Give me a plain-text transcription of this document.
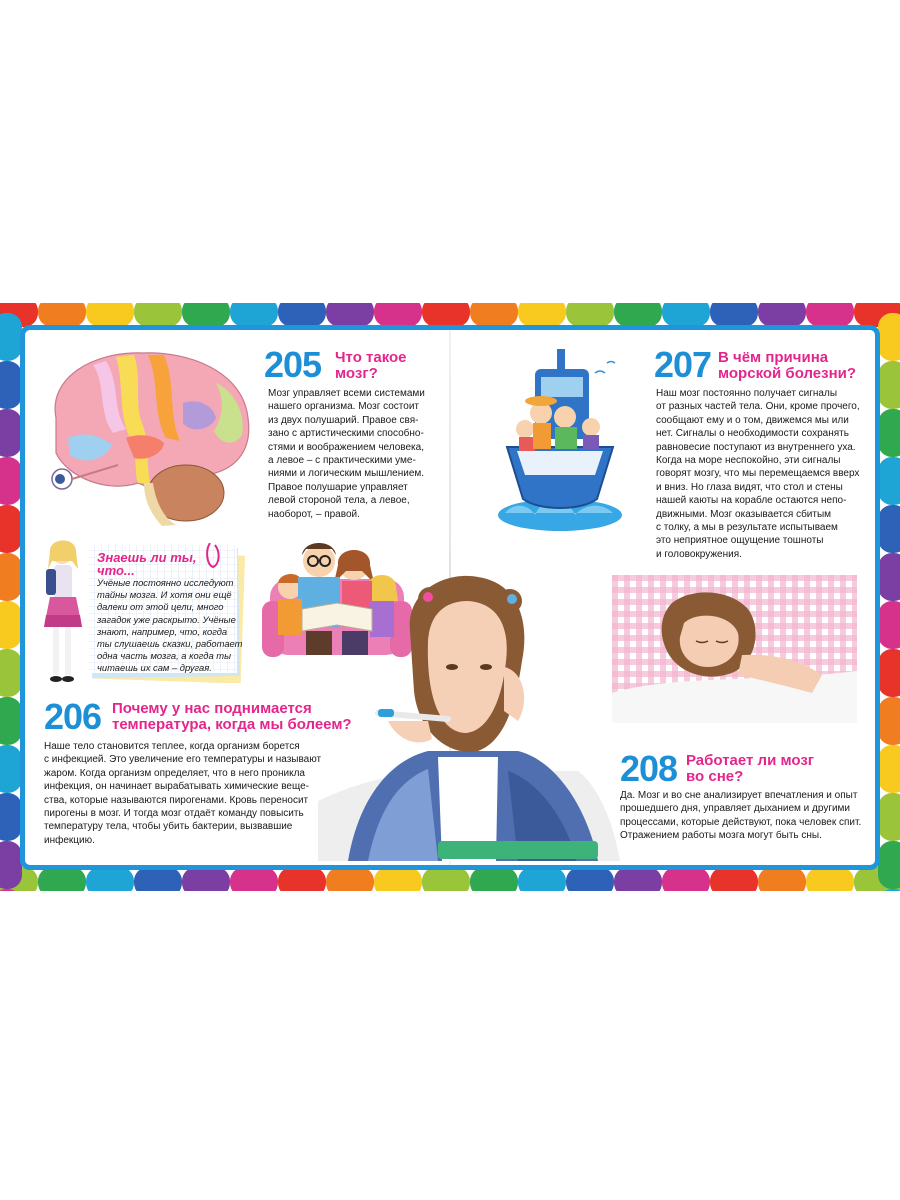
106	107
205 Что такое
мозг?
Мозг управляет всеми системами
нашего организма. Мозг состоит
из двух полушарий. Правое свя-
зано с артистическими способно-
стями и воображением человека,
а левое – с практическими уме-
ниями и логическим мышлением.
Правое полушарие управляет
левой стороной тела, а левое,
наоборот, – правой.
Знаешь ли ты,
что...
Учёные постоянно исследуют
тайны мозга. И хотя они ещё
далеки от этой цели, много
загадок уже раскрыто. Учёные
знают, например, что, когда
ты слушаешь сказки, работает
одна часть мозга, а когда ты
читаешь их сам – другая.
207 В чём причина
морской болезни?
Наш мозг постоянно получает сигналы
от разных частей тела. Они, кроме прочего,
сообщают ему и о том, движемся мы или
нет. Сигналы о необходимости сохранять
равновесие поступают из внутреннего уха.
Когда на море неспокойно, эти сигналы
говорят мозгу, что мы перемещаемся вверх
и вниз. Но глаза видят, что стол и стены
нашей каюты на корабле остаются непо-
движными. Мозг оказывается сбитым
с толку, а мы в результате испытываем
это неприятное ощущение тошноты
и головокружения.
206 Почему у нас поднимается
температура, когда мы болеем?
Наше тело становится теплее, когда организм борется
с инфекцией. Это увеличение его температуры и называют
жаром. Когда организм определяет, что в него проникла
инфекция, он начинает вырабатывать химические веще-
ства, которые называются пирогенами. Кровь переносит
пирогены в мозг. И тогда мозг отдаёт команду повысить
температуру тела, чтобы убить бактерии, вызвавшие
инфекцию.
208 Работает ли мозг
во сне?
Да. Мозг и во сне анализирует впечатления и опыт
прошедшего дня, управляет дыханием и другими
процессами, которые действуют, пока человек спит.
Отражением работы мозга могут быть сны.
